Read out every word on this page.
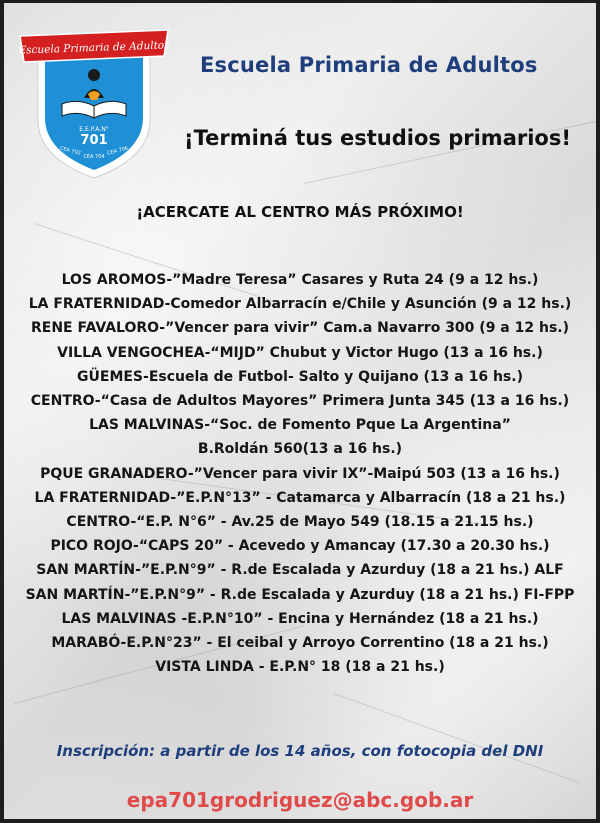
Escuela Primaria de Adultos
E.E.P.A.N°
701
CEA 702
CEA 704
CEA 706
Escuela Primaria de Adultos
¡Terminá tus estudios primarios!
¡ACERCATE AL CENTRO MÁS PRÓXIMO!
LOS AROMOS-”Madre Teresa” Casares y Ruta 24 (9 a 12 hs.)
LA FRATERNIDAD-Comedor Albarracín e/Chile y Asunción (9 a 12 hs.)
RENE FAVALORO-”Vencer para vivir” Cam.a Navarro 300 (9 a 12 hs.)
VILLA VENGOCHEA-“MIJD” Chubut y Victor Hugo (13 a 16 hs.)
GÜEMES-Escuela de Futbol- Salto y Quijano (13 a 16 hs.)
CENTRO-“Casa de Adultos Mayores” Primera Junta 345 (13 a 16 hs.)
LAS MALVINAS-“Soc. de Fomento Pque La Argentina” B.Roldán 560(13 a 16 hs.)
PQUE GRANADERO-”Vencer para vivir IX”-Maipú 503 (13 a 16 hs.)
LA FRATERNIDAD-”E.P.N°13” - Catamarca y Albarracín (18 a 21 hs.)
CENTRO-“E.P. N°6” - Av.25 de Mayo 549 (18.15 a 21.15 hs.)
PICO ROJO-“CAPS 20” - Acevedo y Amancay (17.30 a 20.30 hs.)
SAN MARTÍN-”E.P.N°9” - R.de Escalada y Azurduy (18 a 21 hs.) ALF
SAN MARTÍN-”E.P.N°9” - R.de Escalada y Azurduy (18 a 21 hs.) FI-FPP
LAS MALVINAS -E.P.N°10” - Encina y Hernández (18 a 21 hs.)
MARABÓ-E.P.N°23” - El ceibal y Arroyo Correntino (18 a 21 hs.)
VISTA LINDA - E.P.N° 18 (18 a 21 hs.)
Inscripción: a partir de los 14 años, con fotocopia del DNI
epa701grodriguez@abc.gob.ar
